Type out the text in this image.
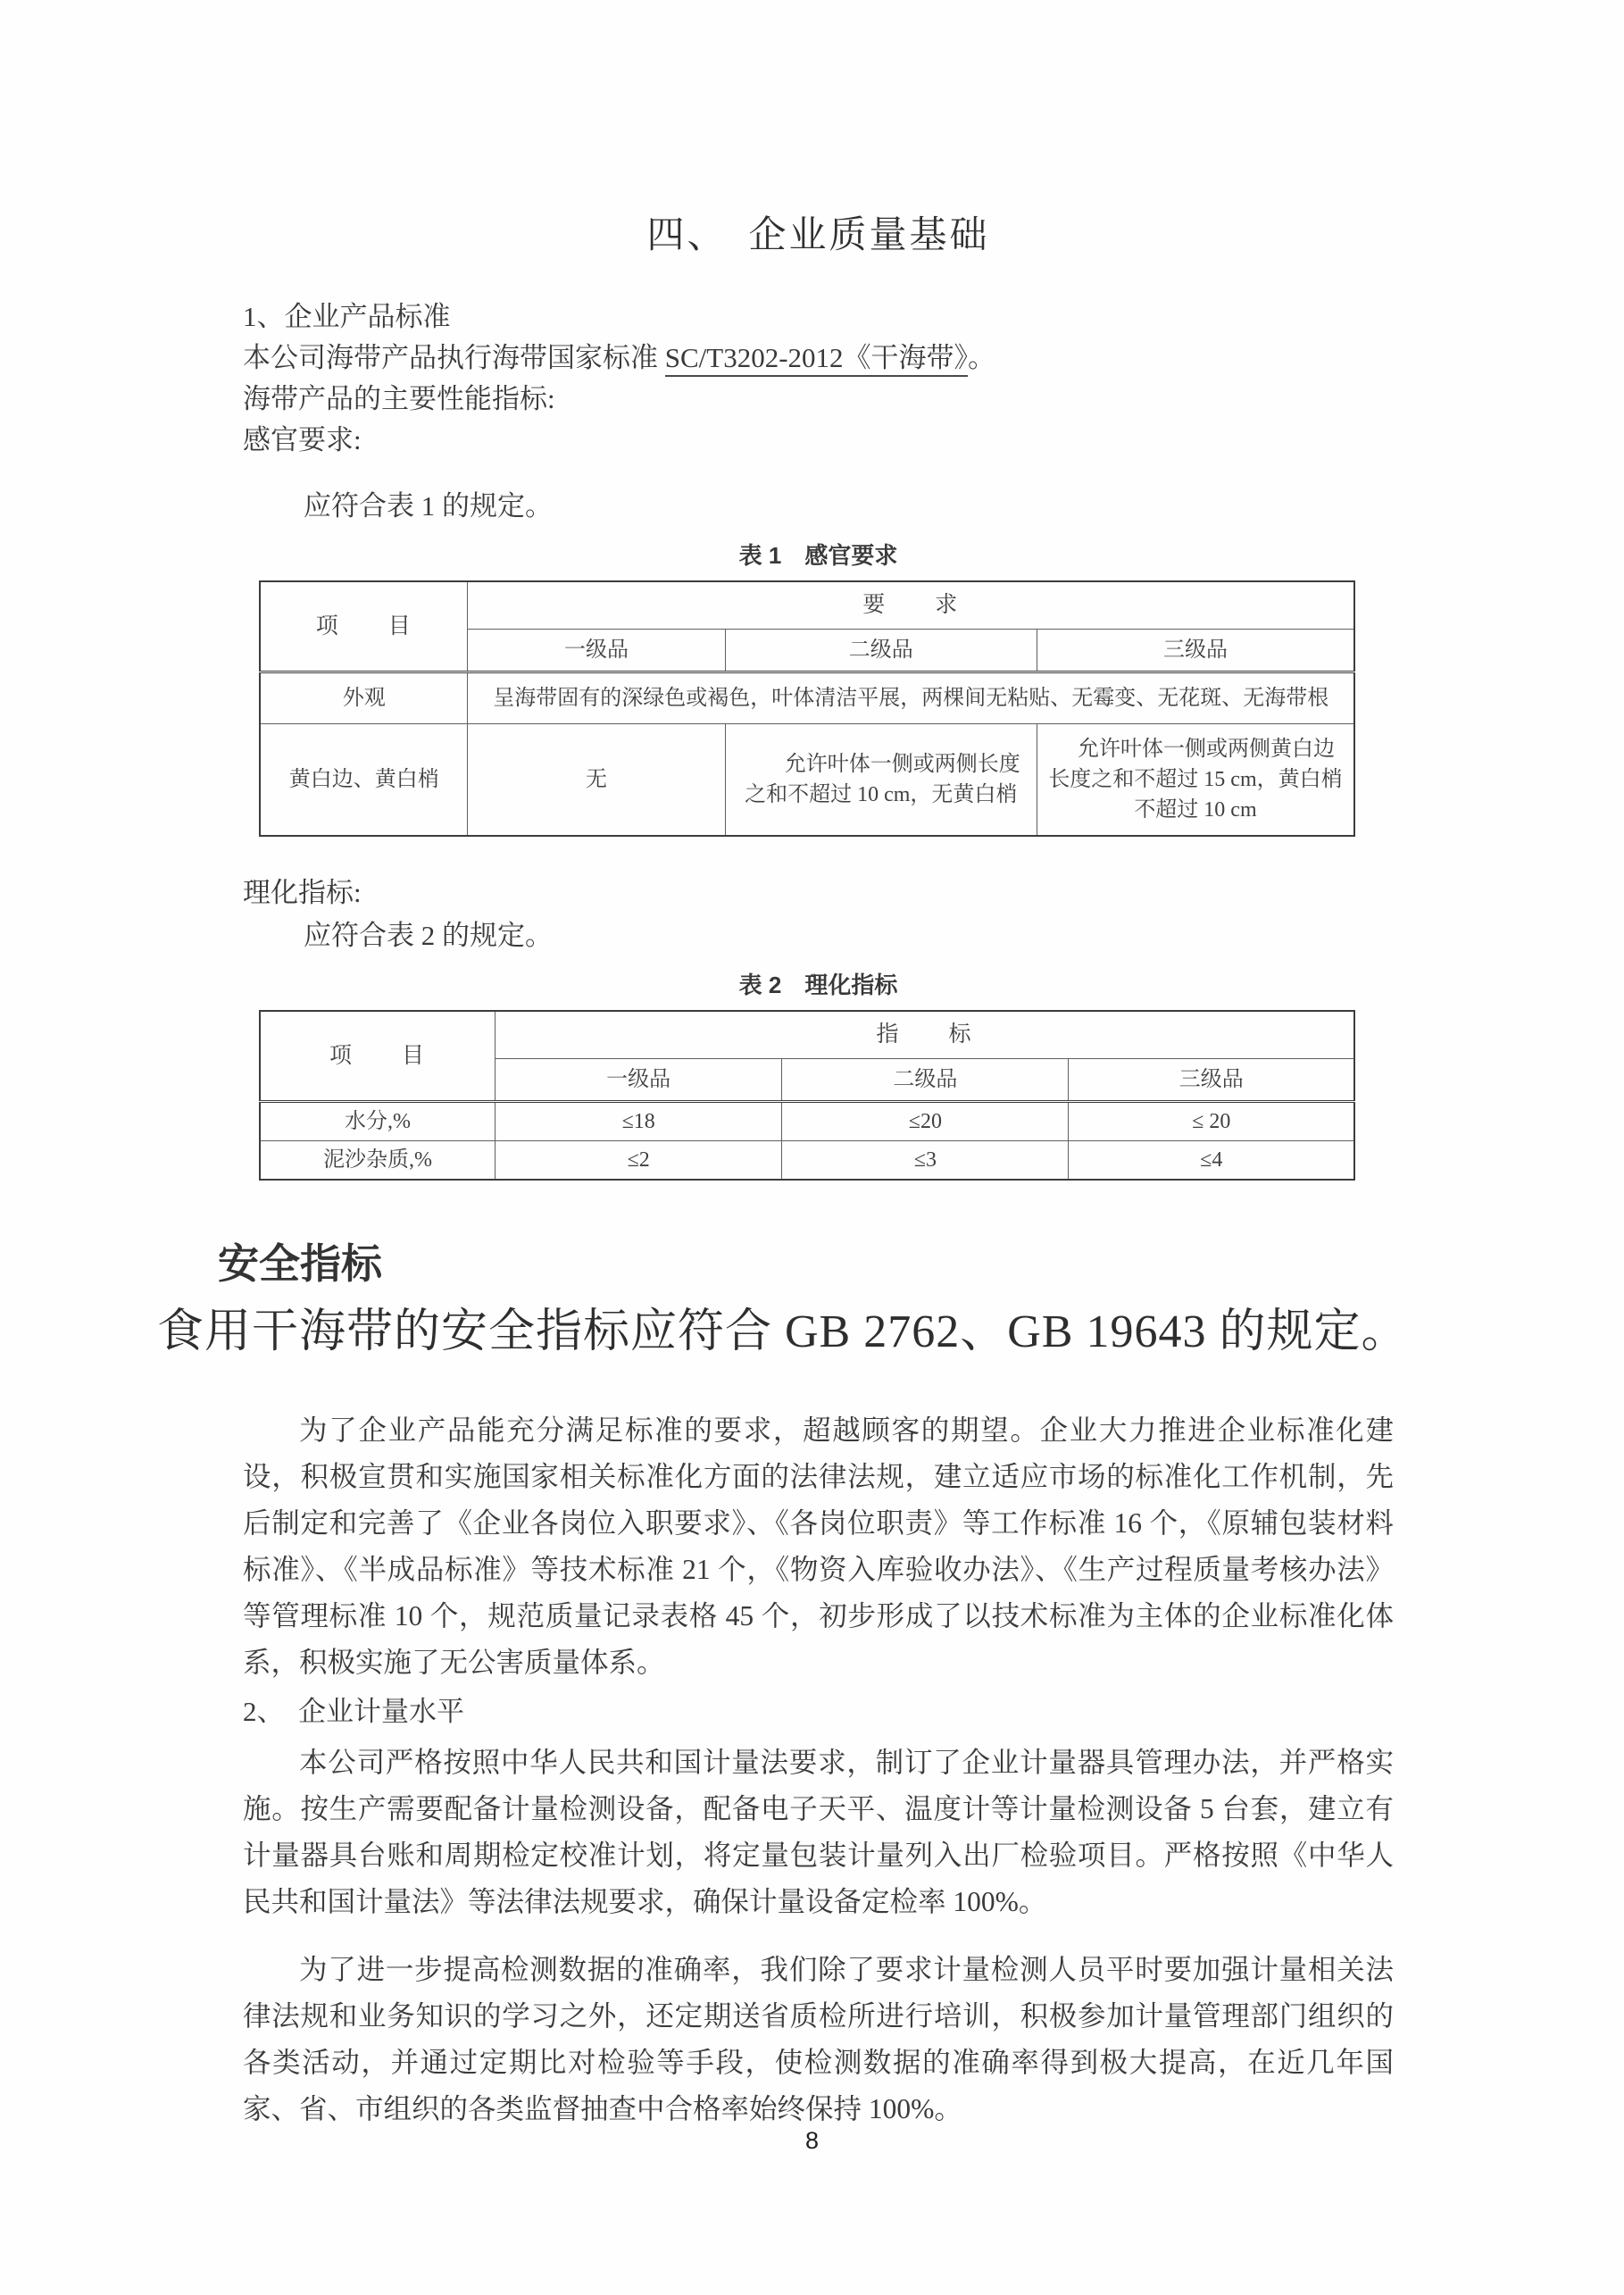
四、　企业质量基础
1、企业产品标准
本公司海带产品执行海带国家标准 SC/T3202-2012《干海带》。
海带产品的主要性能指标:
感官要求:
应符合表 1 的规定。
表 1　感官要求
项　　目	要　　求		
	一级品	二级品	三级品
外观	呈海带固有的深绿色或褐色，叶体清洁平展，两棵间无粘贴、无霉变、无花斑、无海带根		
黄白边、黄白梢	无	允许叶体一侧或两侧长度之和不超过 10 cm，无黄白梢	允许叶体一侧或两侧黄白边长度之和不超过 15 cm，黄白梢不超过 10 cm
理化指标:
应符合表 2 的规定。
表 2　理化指标
项　　目	指　　标		
	一级品	二级品	三级品
水分,%	≤18	≤20	≤ 20
泥沙杂质,%	≤2	≤3	≤4
安全指标
食用干海带的安全指标应符合 GB 2762、GB 19643 的规定。

为了企业产品能充分满足标准的要求，超越顾客的期望。企业大力推进企业标准化建设，积极宣贯和实施国家相关标准化方面的法律法规，建立适应市场的标准化工作机制，先后制定和完善了《企业各岗位入职要求》、《各岗位职责》等工作标准 16 个，《原辅包装材料标准》、《半成品标准》等技术标准 21 个，《物资入库验收办法》、《生产过程质量考核办法》等管理标准 10 个，规范质量记录表格 45 个，初步形成了以技术标准为主体的企业标准化体系，积极实施了无公害质量体系。

2、　企业计量水平

本公司严格按照中华人民共和国计量法要求，制订了企业计量器具管理办法，并严格实施。按生产需要配备计量检测设备，配备电子天平、温度计等计量检测设备 5 台套，建立有计量器具台账和周期检定校准计划，将定量包装计量列入出厂检验项目。严格按照《中华人民共和国计量法》等法律法规要求，确保计量设备定检率 100%。

为了进一步提高检测数据的准确率，我们除了要求计量检测人员平时要加强计量相关法律法规和业务知识的学习之外，还定期送省质检所进行培训，积极参加计量管理部门组织的各类活动，并通过定期比对检验等手段，使检测数据的准确率得到极大提高，在近几年国家、省、市组织的各类监督抽查中合格率始终保持 100%。

8
